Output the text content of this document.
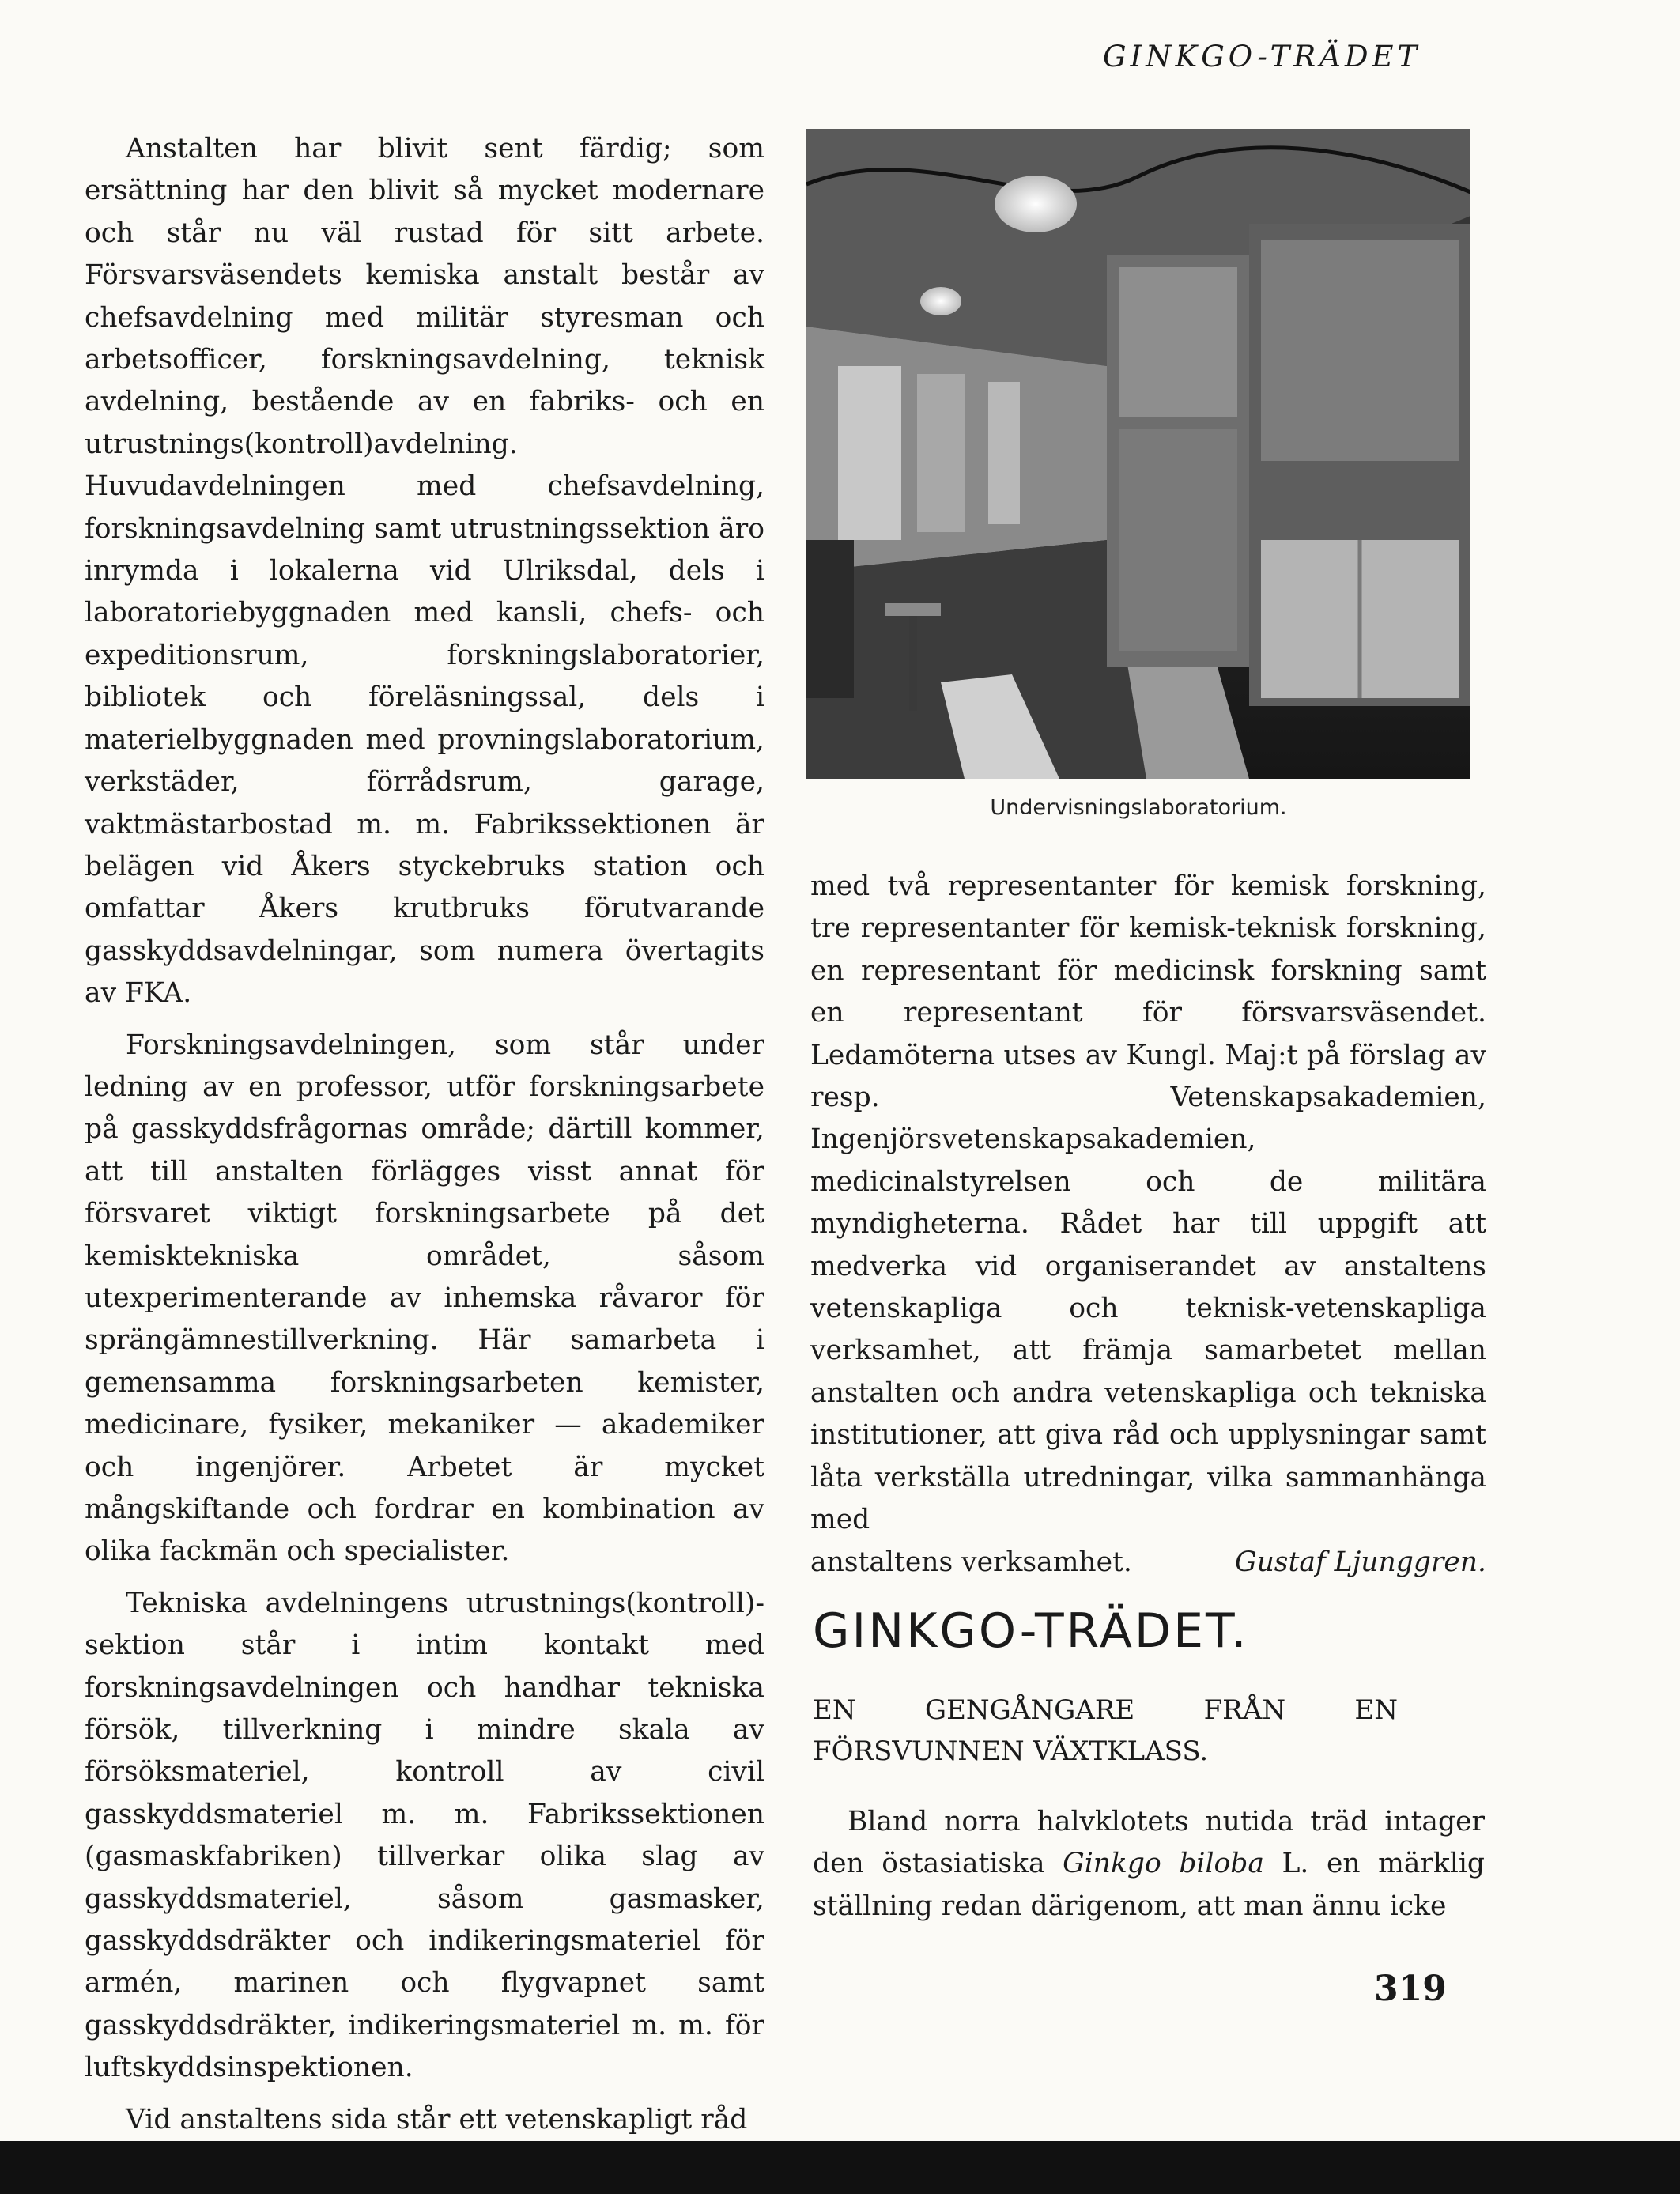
GINKGO-TRÄDET

Anstalten har blivit sent färdig; som ersättning har den blivit så mycket modernare och står nu väl rustad för sitt arbete. Försvarsväsendets kemiska anstalt består av chefsavdelning med militär styresman och arbetsofficer, forskningsavdelning, teknisk avdelning, bestående av en fabriks- och en utrustnings(kontroll)avdelning. Huvudavdelningen med chefsavdelning, forskningsavdelning samt utrustningssektion äro inrymda i lokalerna vid Ulriksdal, dels i laboratoriebyggnaden med kansli, chefs- och expeditionsrum, forskningslaboratorier, bibliotek och föreläsningssal, dels i materielbyggnaden med provningslaboratorium, verkstäder, förrådsrum, garage, vaktmästarbostad m. m. Fabrikssektionen är belägen vid Åkers styckebruks station och omfattar Åkers krutbruks förutvarande gasskyddsavdelningar, som numera övertagits av FKA.

Forskningsavdelningen, som står under ledning av en professor, utför forskningsarbete på gasskyddsfrågornas område; därtill kommer, att till anstalten förlägges visst annat för försvaret viktigt forskningsarbete på det kemisktekniska området, såsom utexperimenterande av inhemska råvaror för sprängämnestillverkning. Här samarbeta i gemensamma forskningsarbeten kemister, medicinare, fysiker, mekaniker — akademiker och ingenjörer. Arbetet är mycket mångskiftande och fordrar en kombination av olika fackmän och specialister.

Tekniska avdelningens utrustnings(kontroll)-sektion står i intim kontakt med forskningsavdelningen och handhar tekniska försök, tillverkning i mindre skala av försöksmateriel, kontroll av civil gasskyddsmateriel m. m. Fabrikssektionen (gasmaskfabriken) tillverkar olika slag av gasskyddsmateriel, såsom gasmasker, gasskyddsdräkter och indikeringsmateriel för armén, marinen och flygvapnet samt gasskyddsdräkter, indikeringsmateriel m. m. för luftskyddsinspektionen.

Vid anstaltens sida står ett vetenskapligt råd

Undervisningslaboratorium.

med två representanter för kemisk forskning, tre representanter för kemisk-teknisk forskning, en representant för medicinsk forskning samt en representant för försvarsväsendet. Ledamöterna utses av Kungl. Maj:t på förslag av resp. Vetenskapsakademien, Ingenjörsvetenskapsakademien, medicinalstyrelsen och de militära myndigheterna. Rådet har till uppgift att medverka vid organiserandet av anstaltens vetenskapliga och teknisk-vetenskapliga verksamhet, att främja samarbetet mellan anstalten och andra vetenskapliga och tekniska institutioner, att giva råd och upplysningar samt låta verkställa utredningar, vilka sammanhänga med

anstaltens verksamhet.	Gustaf Ljunggren.
GINKGO-TRÄDET.
EN GENGÅNGARE FRÅN EN FÖRSVUNNEN VÄXTKLASS.

Bland norra halvklotets nutida träd intager den östasiatiska Ginkgo biloba L. en märklig ställning redan därigenom, att man ännu icke

319
